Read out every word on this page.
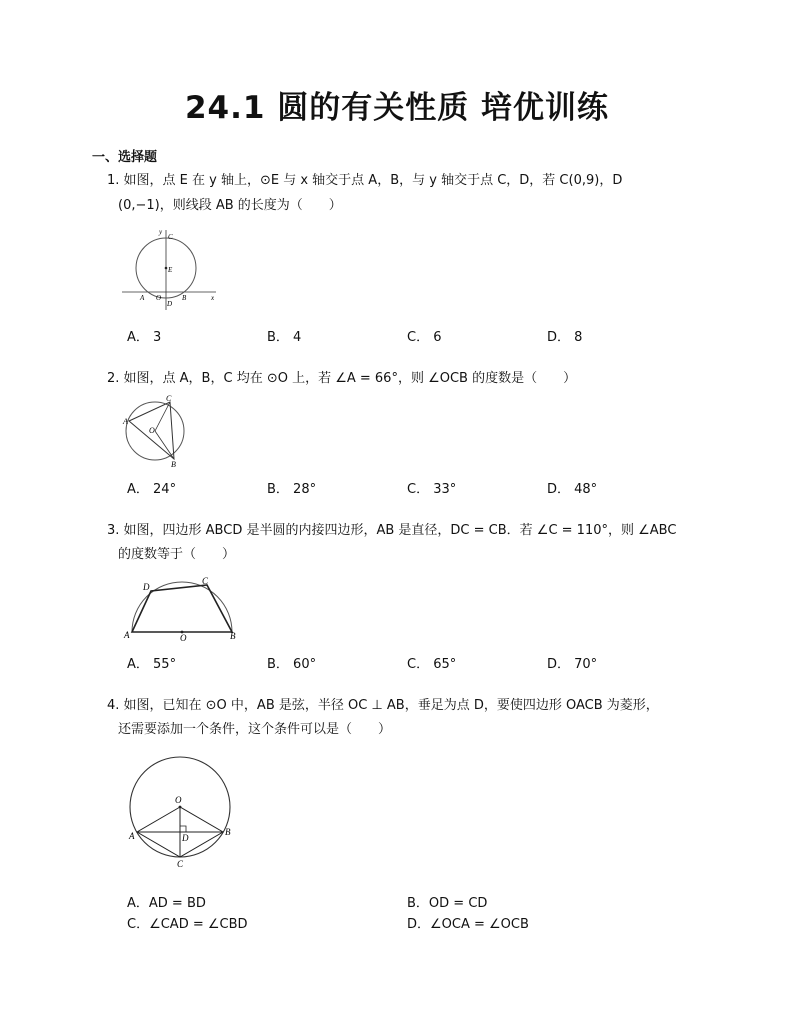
24.1 圆的有关性质 培优训练
一、选择题
1. 如图，点 E 在 y 轴上，⊙E 与 x 轴交于点 A，B，与 y 轴交于点 C，D，若 C(0,9)，D
(0,−1)，则线段 AB 的长度为（　　）
y
x
C
E
A O	B
D
A． 3	B． 4	C． 6	D． 8
2. 如图，点 A，B，C 均在 ⊙O 上，若 ∠A = 66°，则 ∠OCB 的度数是（　　）
C
A
O
B
A． 24°	B． 28°	C． 33°	D． 48°
3. 如图，四边形 ABCD 是半圆的内接四边形，AB 是直径，DC = CB．若 ∠C = 110°，则 ∠ABC
的度数等于（　　）
A
D
C
B
O
A． 55°	B． 60°	C． 65°	D． 70°
4. 如图，已知在 ⊙O 中，AB 是弦，半径 OC ⊥ AB，垂足为点 D，要使四边形 OACB 为菱形，
还需要添加一个条件，这个条件可以是（　　）
O
A	B
D
C
A．AD = BD	B．OD = CD
C．∠CAD = ∠CBD	D．∠OCA = ∠OCB
